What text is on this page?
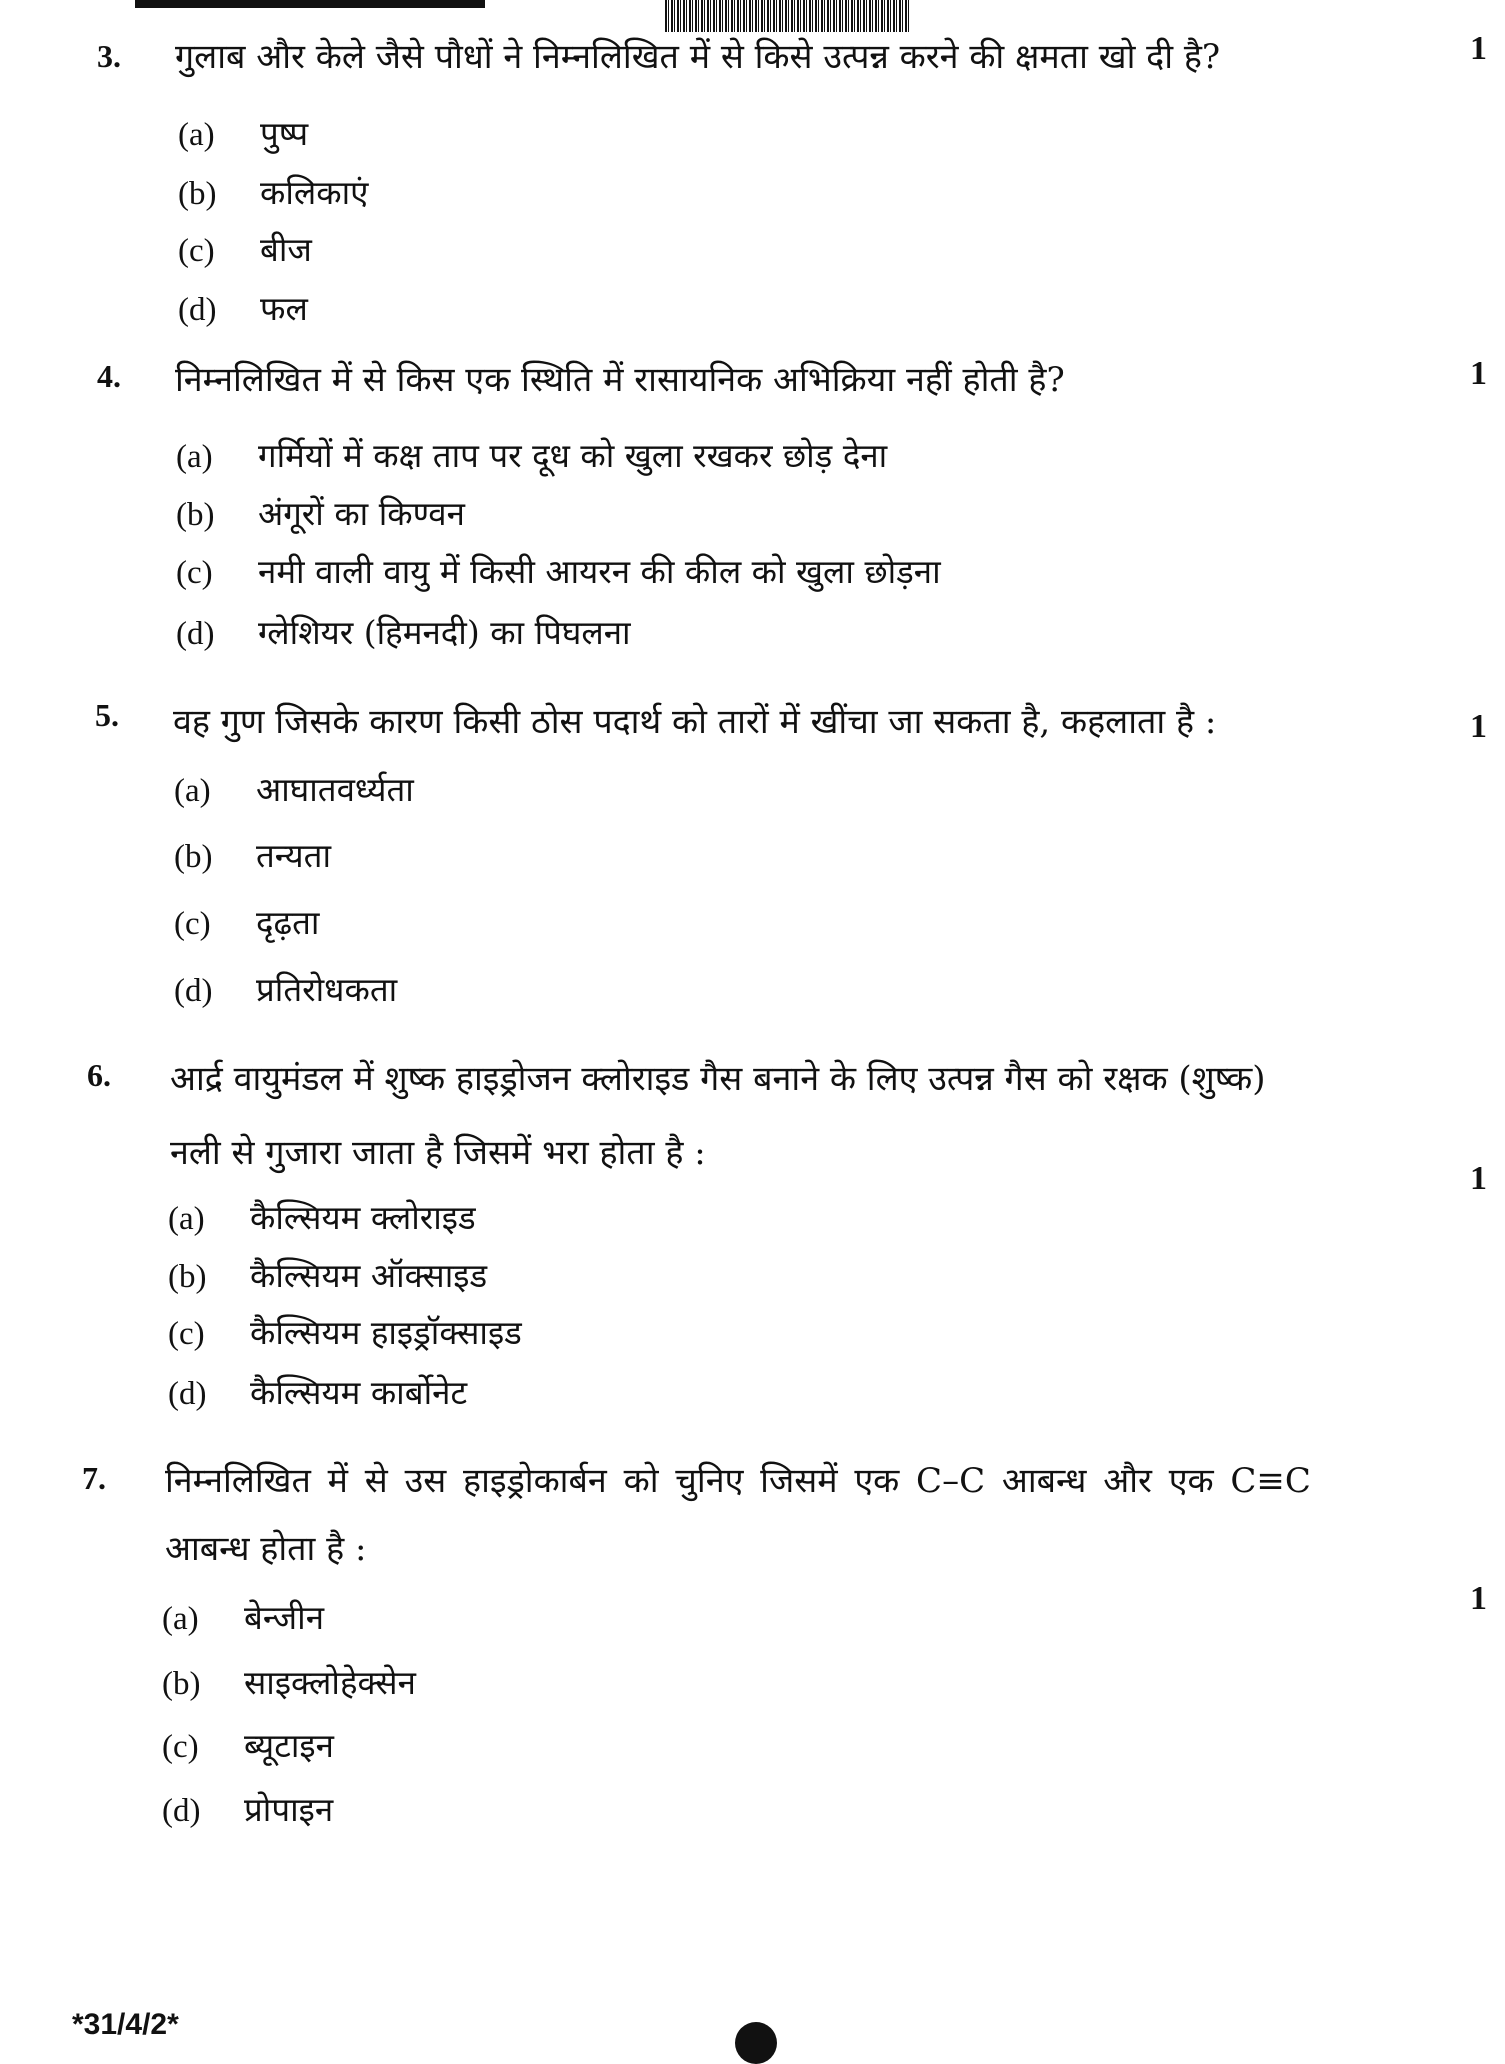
3. गुलाब और केले जैसे पौधों ने निम्नलिखित में से किसे उत्पन्न करने की क्षमता खो दी है?	1
(a) पुष्प
(b) कलिकाएं
(c) बीज
(d) फल
4. निम्नलिखित में से किस एक स्थिति में रासायनिक अभिक्रिया नहीं होती है?	1
(a) गर्मियों में कक्ष ताप पर दूध को खुला रखकर छोड़ देना
(b) अंगूरों का किण्वन
(c) नमी वाली वायु में किसी आयरन की कील को खुला छोड़ना
(d) ग्लेशियर (हिमनदी) का पिघलना
5. वह गुण जिसके कारण किसी ठोस पदार्थ को तारों में खींचा जा सकता है, कहलाता है :	1
(a) आघातवर्ध्यता
(b) तन्यता
(c) दृढ़ता
(d) प्रतिरोधकता
6. आर्द्र वायुमंडल में शुष्क हाइड्रोजन क्लोराइड गैस बनाने के लिए उत्पन्न गैस को रक्षक (शुष्क)
नली से गुजारा जाता है जिसमें भरा होता है :
1
(a) कैल्सियम क्लोराइड
(b) कैल्सियम ऑक्साइड
(c) कैल्सियम हाइड्रॉक्साइड
(d) कैल्सियम कार्बोनेट
7. निम्नलिखित में से उस हाइड्रोकार्बन को चुनिए जिसमें एक C–C आबन्ध और एक C≡C
आबन्ध होता है :
1
(a) बेन्जीन
(b) साइक्लोहेक्सेन
(c) ब्यूटाइन
(d) प्रोपाइन
*31/4/2*
